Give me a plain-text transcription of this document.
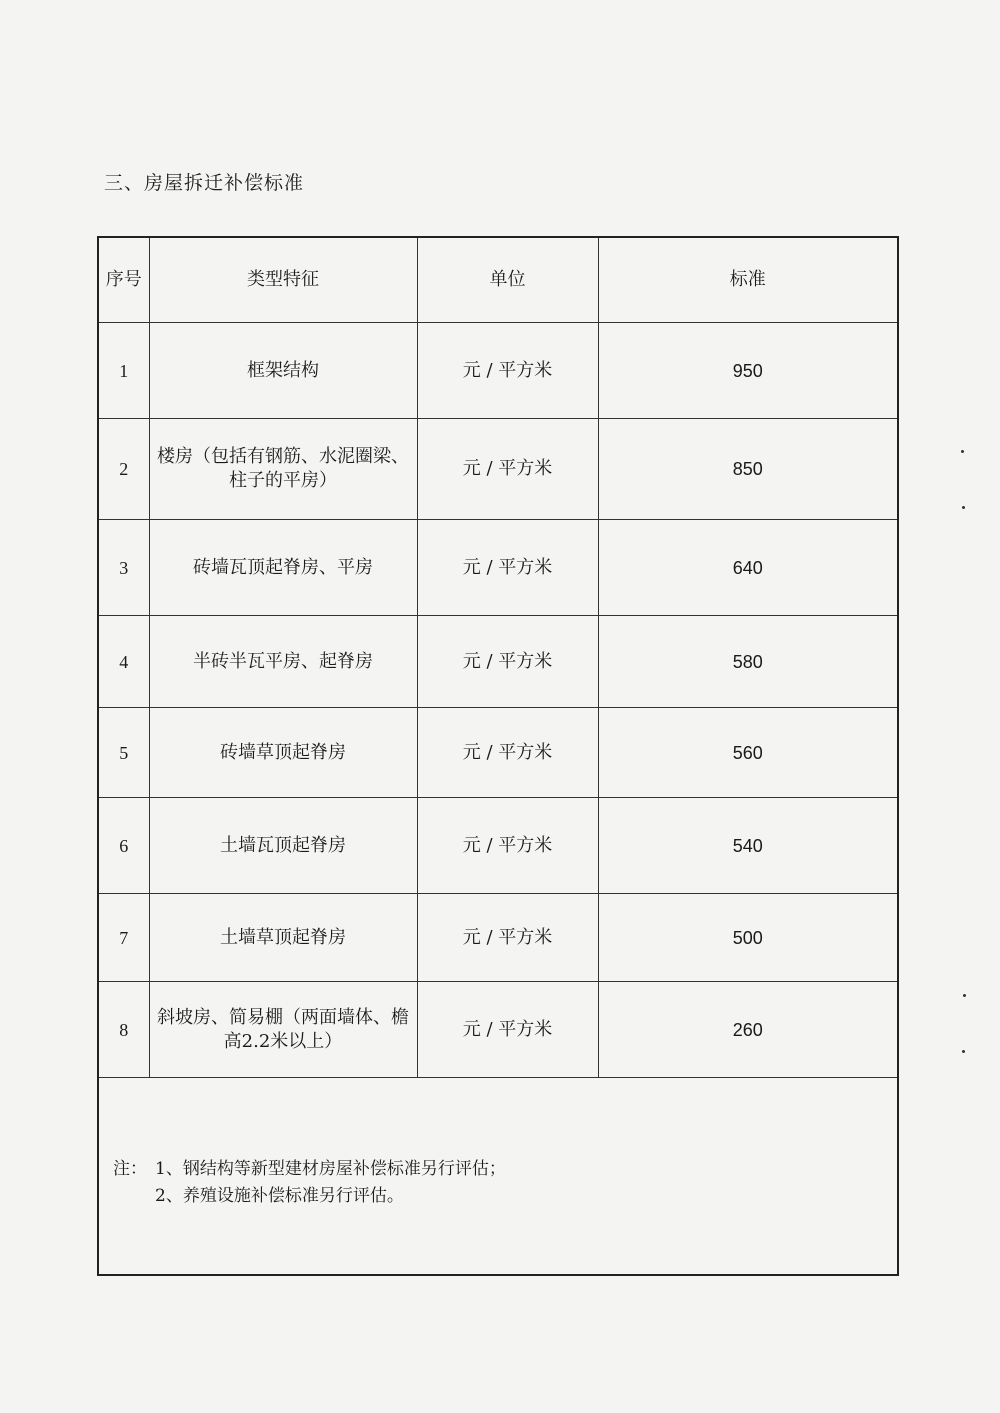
三、房屋拆迁补偿标准
序号	类型特征	单位	标准
1	框架结构	元 / 平方米	950
2	楼房（包括有钢筋、水泥圈梁、柱子的平房）	元 / 平方米	850
3	砖墙瓦顶起脊房、平房	元 / 平方米	640
4	半砖半瓦平房、起脊房	元 / 平方米	580
5	砖墙草顶起脊房	元 / 平方米	560
6	土墙瓦顶起脊房	元 / 平方米	540
7	土墙草顶起脊房	元 / 平方米	500
8	斜坡房、简易棚（两面墙体、檐高2.2米以上）	元 / 平方米	260

注： 1、钢结构等新型建材房屋补偿标准另行评估；
2、养殖设施补偿标准另行评估。			
